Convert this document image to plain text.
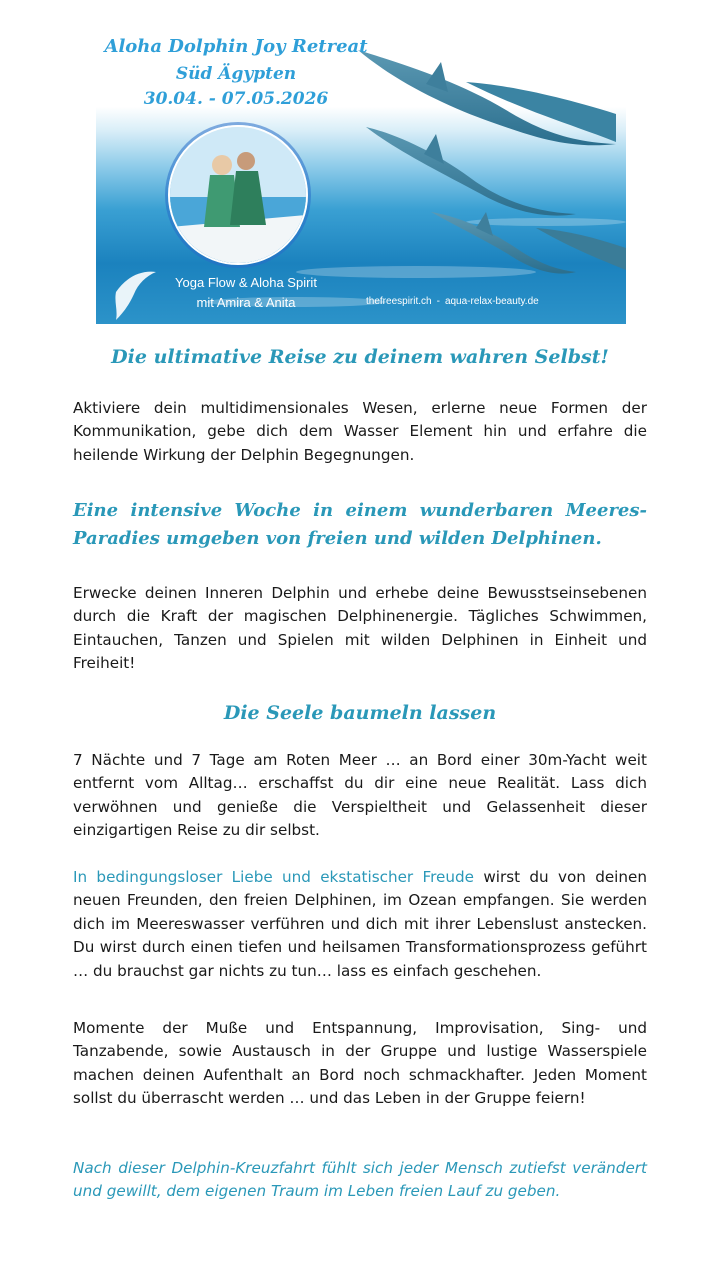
Aloha Dolphin Joy Retreat
Süd Ägypten
30.04. - 07.05.2026
Yoga Flow & Aloha Spirit
mit Amira & Anita	thefreespirit.ch - aqua-relax-beauty.de
Die ultimative Reise zu deinem wahren Selbst!
Aktiviere dein multidimensionales Wesen, erlerne neue Formen der Kommunikation, gebe dich dem Wasser Element hin und erfahre die heilende Wirkung der Delphin Begegnungen.
Eine intensive Woche in einem wunderbaren Meeres-Paradies umgeben von freien und wilden Delphinen.
Erwecke deinen Inneren Delphin und erhebe deine Bewusstseinsebenen durch die Kraft der magischen Delphinenergie. Tägliches Schwimmen, Eintauchen, Tanzen und Spielen mit wilden Delphinen in Einheit und Freiheit!
Die Seele baumeln lassen
7 Nächte und 7 Tage am Roten Meer … an Bord einer 30m-Yacht weit entfernt vom Alltag… erschaffst du dir eine neue Realität. Lass dich verwöhnen und genieße die Verspieltheit und Gelassenheit dieser einzigartigen Reise zu dir selbst.
In bedingungsloser Liebe und ekstatischer Freude wirst du von deinen neuen Freunden, den freien Delphinen, im Ozean empfangen. Sie werden dich im Meereswasser verführen und dich mit ihrer Lebenslust anstecken. Du wirst durch einen tiefen und heilsamen Transformationsprozess geführt … du brauchst gar nichts zu tun… lass es einfach geschehen.
Momente der Muße und Entspannung, Improvisation, Sing- und Tanzabende, sowie Austausch in der Gruppe und lustige Wasserspiele machen deinen Aufenthalt an Bord noch schmackhafter. Jeden Moment sollst du überrascht werden … und das Leben in der Gruppe feiern!
Nach dieser Delphin-Kreuzfahrt fühlt sich jeder Mensch zutiefst verändert und gewillt, dem eigenen Traum im Leben freien Lauf zu geben.
